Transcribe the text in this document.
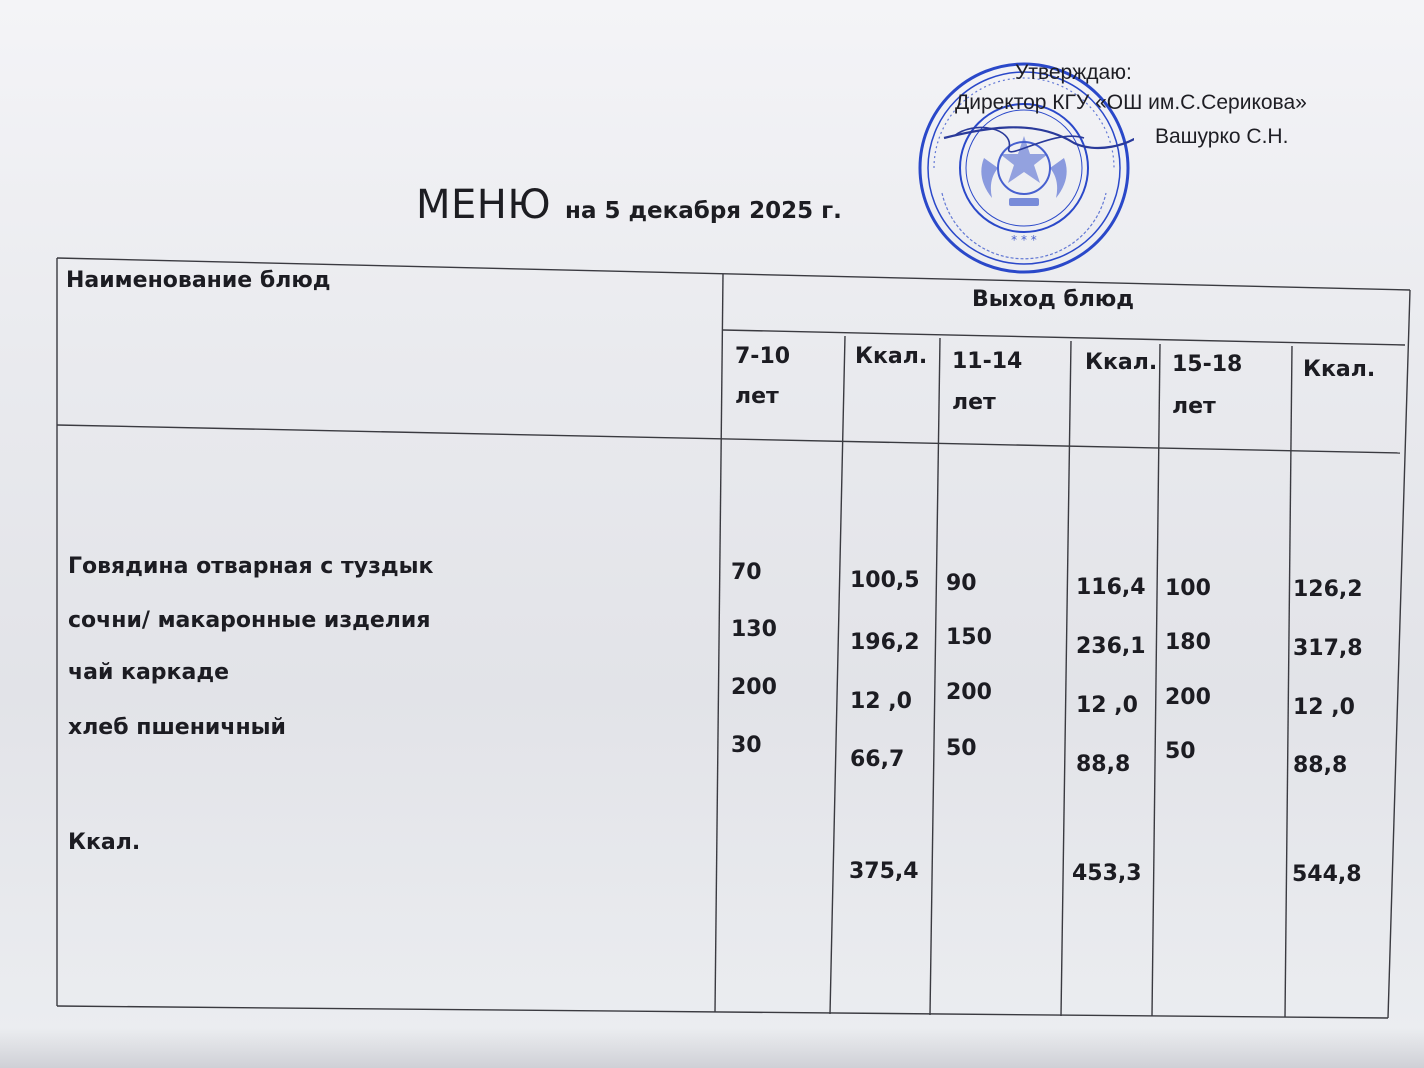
* * *
Утверждаю:
Директор КГУ «ОШ им.С.Серикова»
Вашурко С.Н.
МЕНЮ на 5 декабря 2025 г.
Наименование блюд
Выход блюд
7-10
лет
Ккал. 11-14
лет
Ккал. 15-18
лет
Ккал.
Говядина отварная с туздык
сочни/ макаронные изделия
чай каркаде
хлеб пшеничный
70
130
200
30
100,5
196,2
12 ,0
66,7
90
150
200
50
116,4
236,1
12 ,0
88,8
100
180
200
50
126,2
317,8
12 ,0
88,8
Ккал.
375,4	453,3	544,8
